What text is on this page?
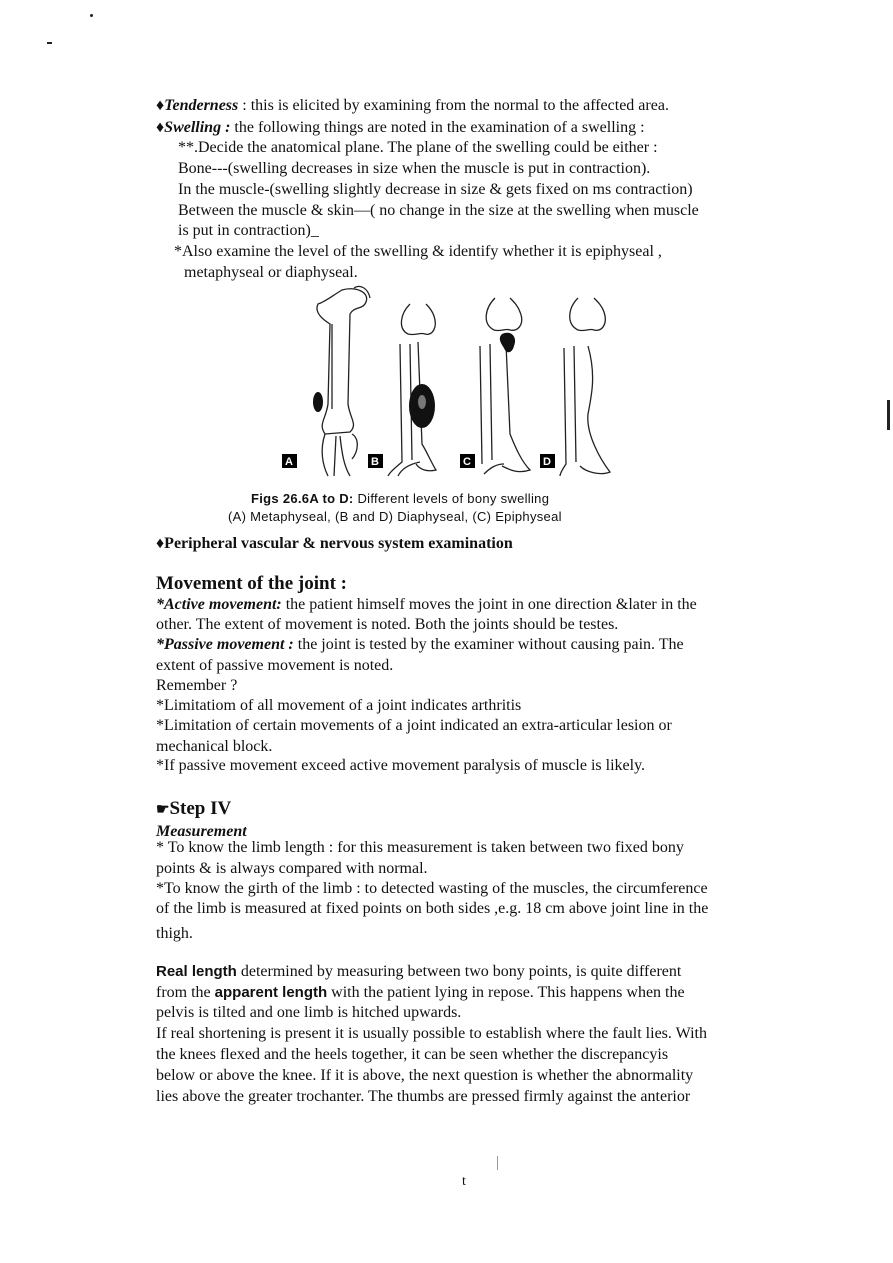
♦Tenderness : this is elicited by examining from the normal to the affected area.
♦Swelling : the following things are noted in the examination of a swelling :
**.Decide the anatomical plane. The plane of the swelling could be either :
Bone---(swelling decreases in size when the muscle is put in contraction).
In the muscle-(swelling slightly decrease in size & gets fixed on ms contraction)
Between the muscle & skin—( no change in the size at the swelling when muscle
is put in contraction)_
*Also examine the level of the swelling & identify whether it is epiphyseal ,
metaphyseal or diaphyseal.
A	B	C	D
Figs 26.6A to D: Different levels of bony swelling
(A) Metaphyseal, (B and D) Diaphyseal, (C) Epiphyseal
♦Peripheral vascular & nervous system examination
Movement of the joint :
*Active movement: the patient himself moves the joint in one direction &later in the
other. The extent of movement is noted. Both the joints should be testes.
*Passive movement : the joint is tested by the examiner without causing pain. The
extent of passive movement is noted.
Remember ?
*Limitatiom of all movement of a joint indicates arthritis
*Limitation of certain movements of a joint indicated an extra-articular lesion or
mechanical block.
*If passive movement exceed active movement paralysis of muscle is likely.
☛Step IV
Measurement
* To know the limb length : for this measurement is taken between two fixed bony
points & is always compared with normal.
*To know the girth of the limb : to detected wasting of the muscles, the circumference
of the limb is measured at fixed points on both sides ,e.g. 18 cm above joint line in the
thigh.
Real length determined by measuring between two bony points, is quite different
from the apparent length with the patient lying in repose. This happens when the
pelvis is tilted and one limb is hitched upwards.
If real shortening is present it is usually possible to establish where the fault lies. With
the knees flexed and the heels together, it can be seen whether the discrepancyis
below or above the knee. If it is above, the next question is whether the abnormality
lies above the greater trochanter. The thumbs are pressed firmly against the anterior
t
